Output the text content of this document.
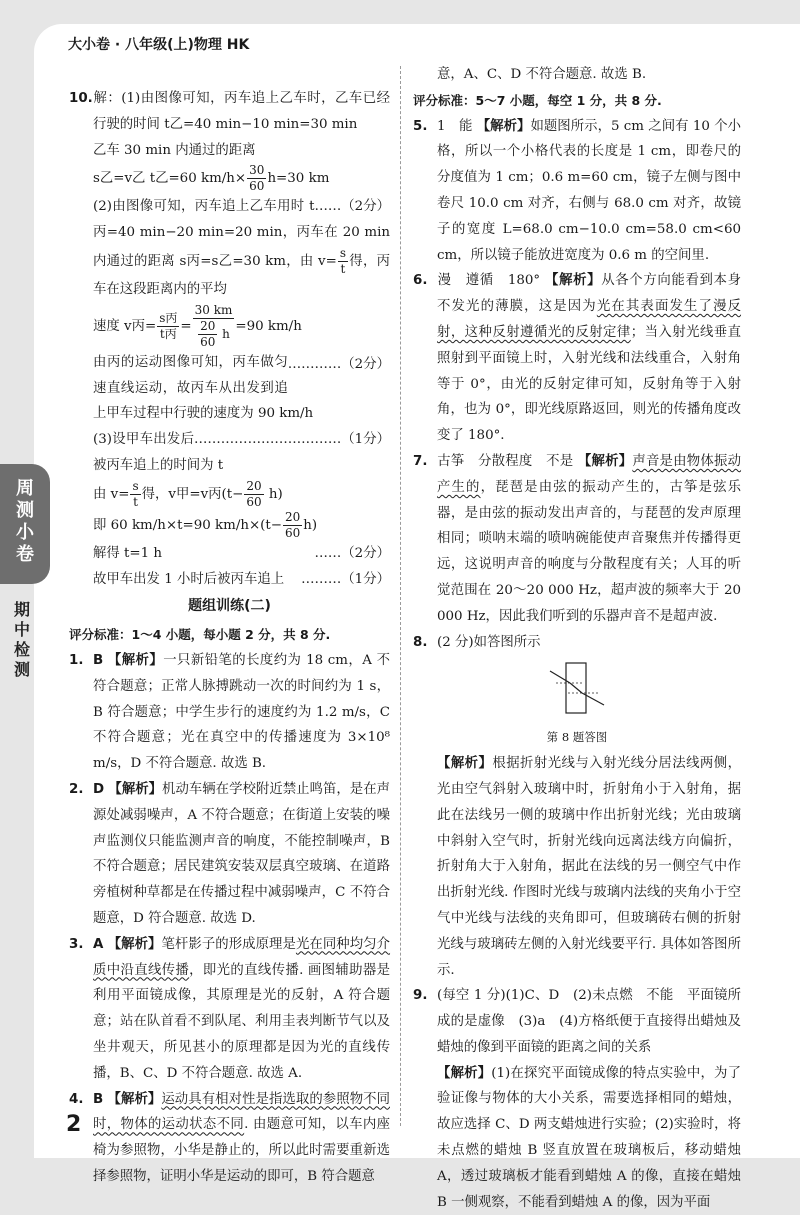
大小卷 · 八年级(上)物理 HK
周测小卷
期中检测

10.解：(1)由图像可知，丙车追上乙车时，乙车已经行驶的时间 t乙=40 min−10 min=30 min

乙车 30 min 内通过的距离

s乙=v乙 t乙=60 $km/h\times \frac{30}{60} h=30$ km
……（2分）

(2)由图像可知，丙车追上乙车用时 t丙=40 min−20 min=20 min，丙车在 20 min 内通过的距离 s丙=s乙=30 km，由 $v= \frac{s}{t}$ 得，丙车在这段距离内的平均

速度 v丙= $\frac{\text{s丙}}{\text{t丙}} = \frac{30 km}{\frac{20}{60} h} =90$ km/h
…………（2分）

由丙的运动图像可知，丙车做匀速直线运动，故丙车从出发到追上甲车过程中行驶的速度为 90 km/h
……………………………（1分）

(3)设甲车出发后被丙车追上的时间为 t

由 $v= \frac{s}{t}$ 得，v甲=v丙$(t- \frac{20}{60} h)$

即 60 km/h×t=90 $km/h\times(t- \frac{20}{60} h)$
……（2分）

解得 t=1 h

故甲车出发 1 小时后被丙车追上 ………（1分）

题组训练(二)

评分标准：1～4 小题，每小题 2 分，共 8 分.

1. B 【解析】一只新铅笔的长度约为 18 cm，A 不符合题意；正常人脉搏跳动一次的时间约为 1 s，B 符合题意；中学生步行的速度约为 1.2 m/s，C 不符合题意；光在真空中的传播速度为 3×10⁸ m/s，D 不符合题意. 故选 B.

2. D 【解析】机动车辆在学校附近禁止鸣笛，是在声源处减弱噪声，A 不符合题意；在街道上安装的噪声监测仪只能监测声音的响度，不能控制噪声，B 不符合题意；居民建筑安装双层真空玻璃、在道路旁植树种草都是在传播过程中减弱噪声，C 不符合题意，D 符合题意. 故选 D.

3. A 【解析】笔杆影子的形成原理是光在同种均匀介质中沿直线传播，即光的直线传播. 画图辅助器是利用平面镜成像，其原理是光的反射，A 符合题意；站在队首看不到队尾、利用圭表判断节气以及坐井观天，所见甚小的原理都是因为光的直线传播，B、C、D 不符合题意. 故选 A.

4. B 【解析】运动具有相对性是指选取的参照物不同时，物体的运动状态不同. 由题意可知，以车内座椅为参照物，小华是静止的，所以此时需要重新选择参照物，证明小华是运动的即可，B 符合题意

意，A、C、D 不符合题意. 故选 B.

评分标准：5～7 小题，每空 1 分，共 8 分.

5. 1　能 【解析】如题图所示，5 cm 之间有 10 个小格，所以一个小格代表的长度是 1 cm，即卷尺的分度值为 1 cm；0.6 m=60 cm，镜子左侧与图中卷尺 10.0 cm 对齐，右侧与 68.0 cm 对齐，故镜子的宽度 L=68.0 cm−10.0 cm=58.0 cm<60 cm，所以镜子能放进宽度为 0.6 m 的空间里.

6. 漫　遵循　180° 【解析】从各个方向能看到本身不发光的薄膜，这是因为光在其表面发生了漫反射，这种反射遵循光的反射定律；当入射光线垂直照射到平面镜上时，入射光线和法线重合，入射角等于 0°，由光的反射定律可知，反射角等于入射角，也为 0°，即光线原路返回，则光的传播角度改变了 180°.

7. 古筝　分散程度　不是 【解析】声音是由物体振动产生的，琵琶是由弦的振动产生的，古筝是弦乐器，是由弦的振动发出声音的，与琵琶的发声原理相同；唢呐末端的喷呐碗能使声音聚焦并传播得更远，这说明声音的响度与分散程度有关；人耳的听觉范围在 20～20 000 Hz，超声波的频率大于 20 000 Hz，因此我们听到的乐器声音不是超声波.

8. (2 分)如答图所示

第 8 题答图

【解析】根据折射光线与入射光线分居法线两侧，光由空气斜射入玻璃中时，折射角小于入射角，据此在法线另一侧的玻璃中作出折射光线；光由玻璃中斜射入空气时，折射光线向远离法线方向偏折，折射角大于入射角，据此在法线的另一侧空气中作出折射光线. 作图时光线与玻璃内法线的夹角小于空气中光线与法线的夹角即可，但玻璃砖右侧的折射光线与玻璃砖左侧的入射光线要平行. 具体如答图所示.

9. (每空 1 分)(1)C、D　(2)未点燃　不能　平面镜所成的是虚像　(3)a　(4)方格纸便于直接得出蜡烛及蜡烛的像到平面镜的距离之间的关系

【解析】(1)在探究平面镜成像的特点实验中，为了验证像与物体的大小关系，需要选择相同的蜡烛，故应选择 C、D 两支蜡烛进行实验；(2)实验时，将未点燃的蜡烛 B 竖直放置在玻璃板后，移动蜡烛 A，透过玻璃板才能看到蜡烛 A 的像，直接在蜡烛 B 一侧观察，不能看到蜡烛 A 的像，因为平面

2
